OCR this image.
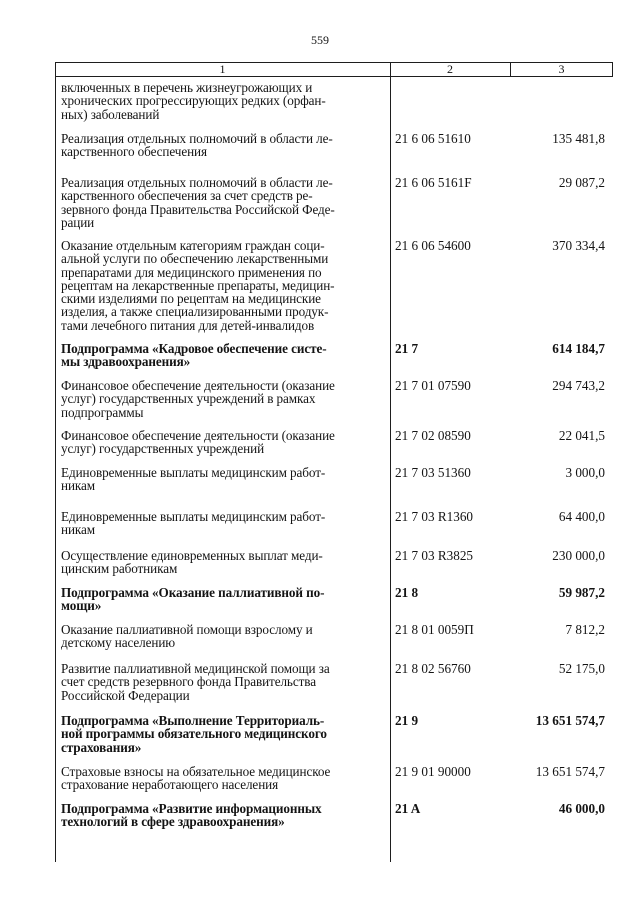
559
1	2	3
включенных в перечень жизнеугрожающих и
хронических прогрессирующих редких (орфан-
ных) заболеваний
Реализация отдельных полномочий в области ле-
карственного обеспечения
21 6 06 51610	135 481,8
Реализация отдельных полномочий в области ле-
карственного обеспечения за счет средств ре-
зервного фонда Правительства Российской Феде-
рации
21 6 06 5161F	29 087,2
Оказание отдельным категориям граждан соци-
альной услуги по обеспечению лекарственными
препаратами для медицинского применения по
рецептам на лекарственные препараты, медицин-
скими изделиями по рецептам на медицинские
изделия, а также специализированными продук-
тами лечебного питания для детей-инвалидов
21 6 06 54600	370 334,4
Подпрограмма «Кадровое обеспечение систе-
мы здравоохранения»
21 7	614 184,7
Финансовое обеспечение деятельности (оказание
услуг) государственных учреждений в рамках
подпрограммы
21 7 01 07590	294 743,2
Финансовое обеспечение деятельности (оказание
услуг) государственных учреждений
21 7 02 08590	22 041,5
Единовременные выплаты медицинским работ-
никам
21 7 03 51360	3 000,0
Единовременные выплаты медицинским работ-
никам
21 7 03 R1360	64 400,0
Осуществление единовременных выплат меди-
цинским работникам
21 7 03 R3825	230 000,0
Подпрограмма «Оказание паллиативной по-
мощи»
21 8	59 987,2
Оказание паллиативной помощи взрослому и
детскому населению
21 8 01 0059П	7 812,2
Развитие паллиативной медицинской помощи за
счет средств резервного фонда Правительства
Российской Федерации
21 8 02 56760	52 175,0
Подпрограмма «Выполнение Территориаль-
ной программы обязательного медицинского
страхования»
21 9	13 651 574,7
Страховые взносы на обязательное медицинское
страхование неработающего населения
21 9 01 90000	13 651 574,7
Подпрограмма «Развитие информационных
технологий в сфере здравоохранения»
21 A	46 000,0
